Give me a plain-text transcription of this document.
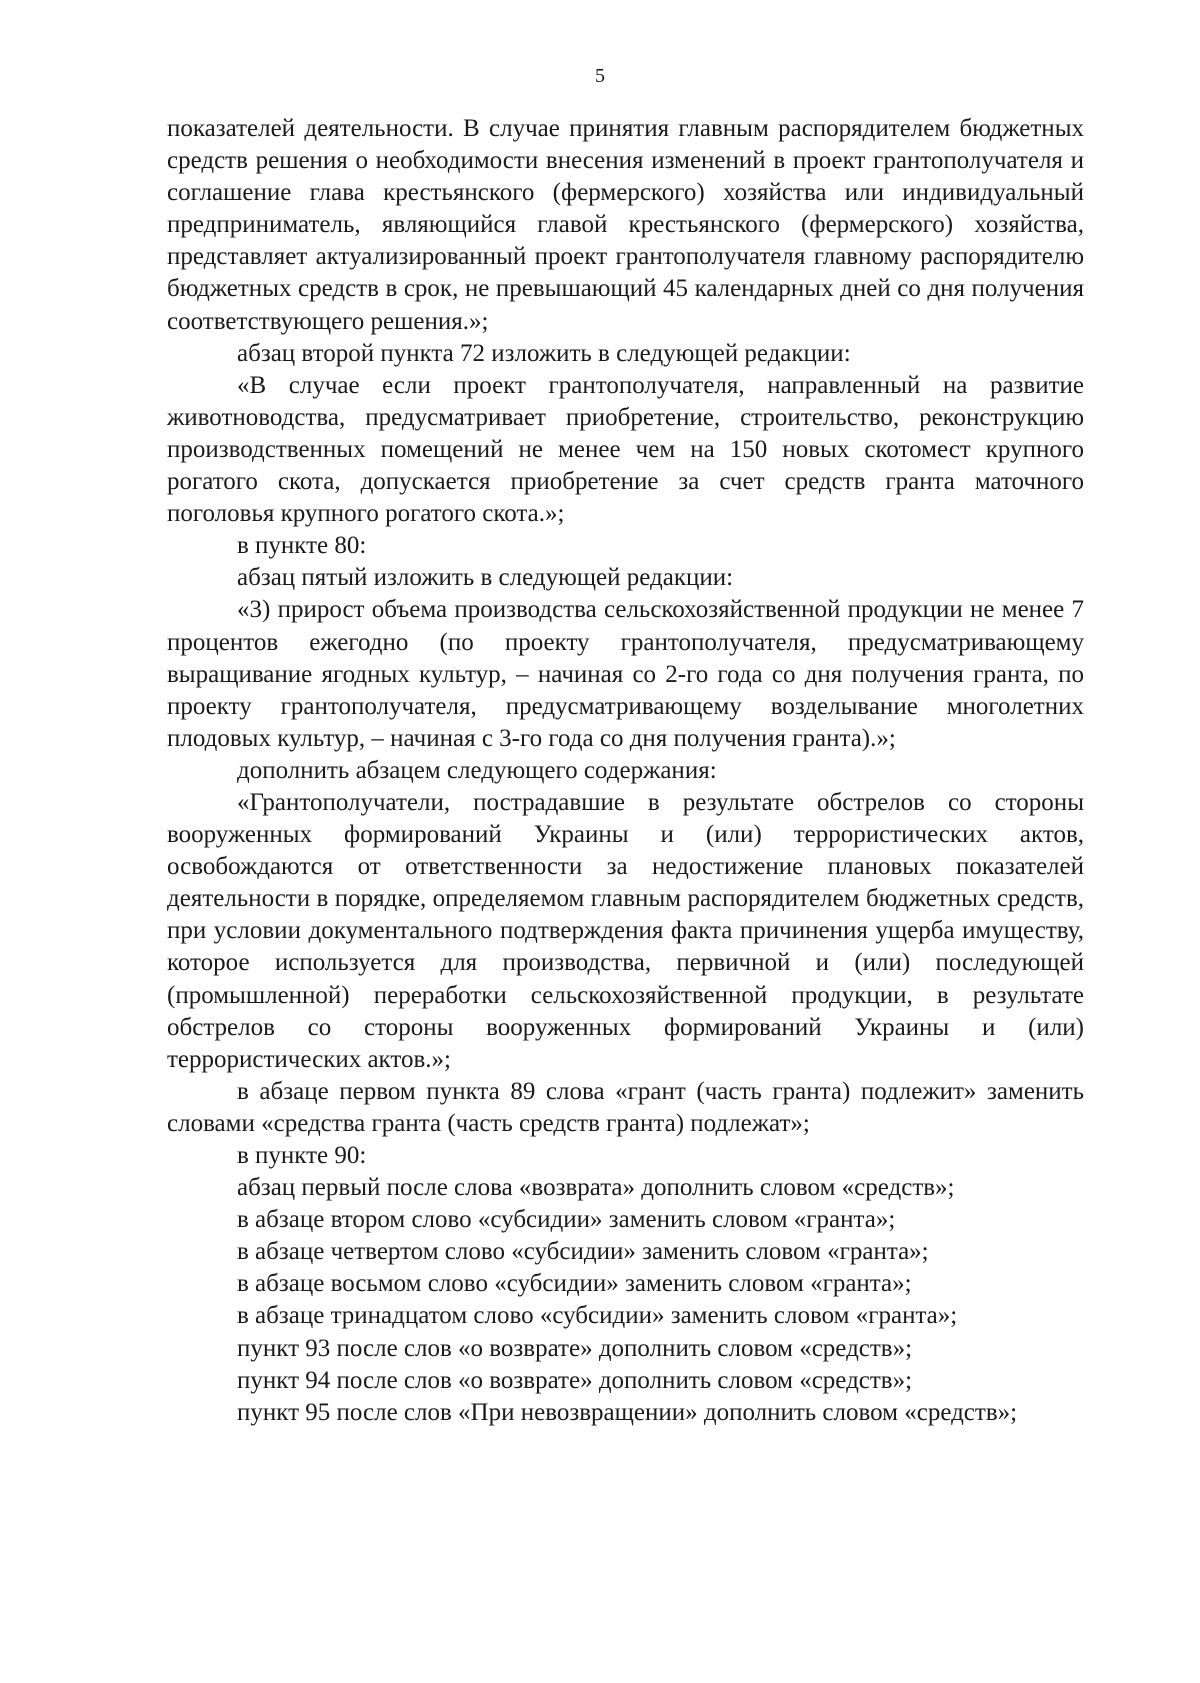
5

показателей деятельности. В случае принятия главным распорядителем бюджетных средств решения о необходимости внесения изменений в проект грантополучателя и соглашение глава крестьянского (фермерского) хозяйства или индивидуальный предприниматель, являющийся главой крестьянского (фермерского) хозяйства, представляет актуализированный проект грантополучателя главному распорядителю бюджетных средств в срок, не превышающий 45 календарных дней со дня получения соответствующего решения.»;

абзац второй пункта 72 изложить в следующей редакции:

«В случае если проект грантополучателя, направленный на развитие животноводства, предусматривает приобретение, строительство, реконструкцию производственных помещений не менее чем на 150 новых скотомест крупного рогатого скота, допускается приобретение за счет средств гранта маточного поголовья крупного рогатого скота.»;

в пункте 80:

абзац пятый изложить в следующей редакции:

«3) прирост объема производства сельскохозяйственной продукции не менее 7 процентов ежегодно (по проекту грантополучателя, предусматривающему выращивание ягодных культур, – начиная со 2-го года со дня получения гранта, по проекту грантополучателя, предусматривающему возделывание многолетних плодовых культур, – начиная с 3-го года со дня получения гранта).»;

дополнить абзацем следующего содержания:

«Грантополучатели, пострадавшие в результате обстрелов со стороны вооруженных формирований Украины и (или) террористических актов, освобождаются от ответственности за недостижение плановых показателей деятельности в порядке, определяемом главным распорядителем бюджетных средств, при условии документального подтверждения факта причинения ущерба имуществу, которое используется для производства, первичной и (или) последующей (промышленной) переработки сельскохозяйственной продукции, в результате обстрелов со стороны вооруженных формирований Украины и (или) террористических актов.»;

в абзаце первом пункта 89 слова «грант (часть гранта) подлежит» заменить словами «средства гранта (часть средств гранта) подлежат»;

в пункте 90:

абзац первый после слова «возврата» дополнить словом «средств»;

в абзаце втором слово «субсидии» заменить словом «гранта»;

в абзаце четвертом слово «субсидии» заменить словом «гранта»;

в абзаце восьмом слово «субсидии» заменить словом «гранта»;

в абзаце тринадцатом слово «субсидии» заменить словом «гранта»;

пункт 93 после слов «о возврате» дополнить словом «средств»;

пункт 94 после слов «о возврате» дополнить словом «средств»;

пункт 95 после слов «При невозвращении» дополнить словом «средств»;
